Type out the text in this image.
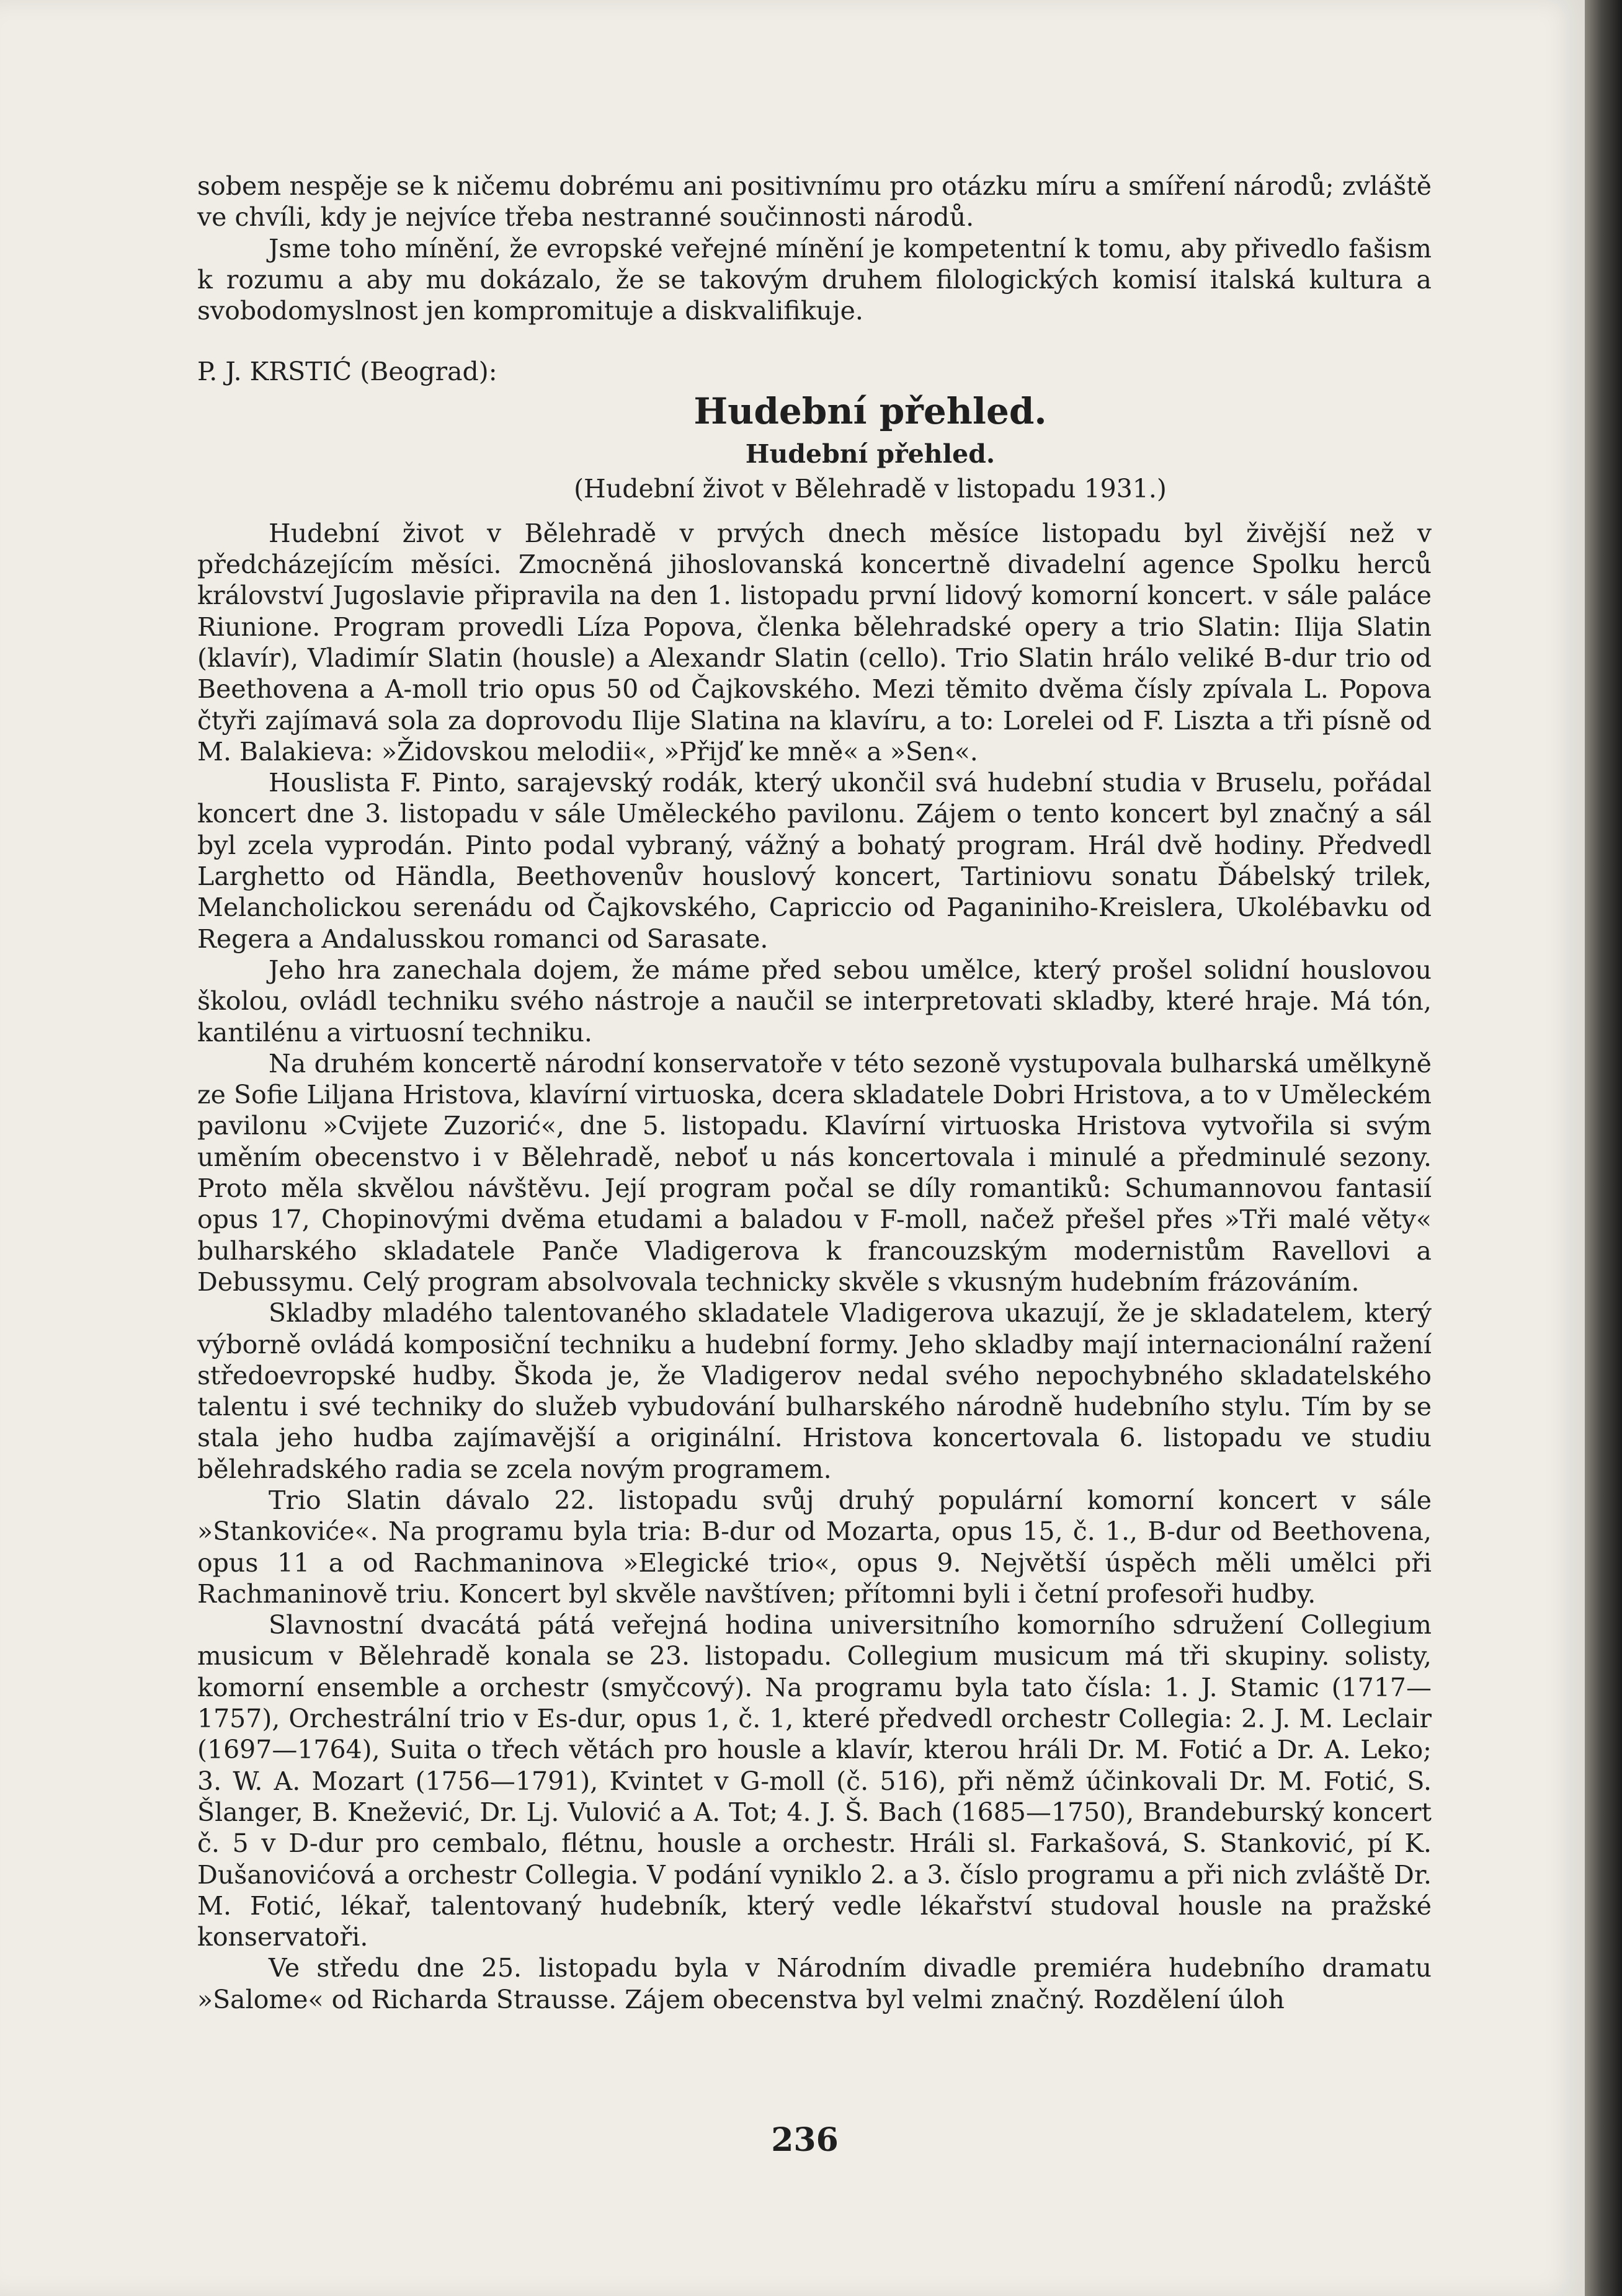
sobem nespěje se k ničemu dobrému ani positivnímu pro otázku míru a smíření národů; zvláště ve chvíli, kdy je nejvíce třeba nestranné součinnosti národů.

Jsme toho mínění, že evropské veřejné mínění je kompetentní k tomu, aby přivedlo fašism k rozumu a aby mu dokázalo, že se takovým druhem filologických komisí italská kultura a svobodomyslnost jen kompromituje a diskvalifikuje.

P. J. KRSTIĆ (Beograd):

Hudební přehled.
Hudební přehled.
(Hudební život v Bělehradě v listopadu 1931.)

Hudební život v Bělehradě v prvých dnech měsíce listopadu byl živější než v předcházejícím měsíci. Zmocněná jihoslovanská koncertně divadelní agence Spolku herců království Jugoslavie připravila na den 1. listopadu první lidový komorní koncert. v sále paláce Riunione. Program provedli Líza Popova, členka bělehradské opery a trio Slatin: Ilija Slatin (klavír), Vladimír Slatin (housle) a Alexandr Slatin (cello). Trio Slatin hrálo veliké B-dur trio od Beethovena a A-moll trio opus 50 od Čajkovského. Mezi těmito dvěma čísly zpívala L. Popova čtyři zajímavá sola za doprovodu Ilije Slatina na klavíru, a to: Lorelei od F. Liszta a tři písně od M. Balakieva: »Židovskou melodii«, »Přijď ke mně« a »Sen«.

Houslista F. Pinto, sarajevský rodák, který ukončil svá hudební studia v Bruselu, pořádal koncert dne 3. listopadu v sále Uměleckého pavilonu. Zájem o tento koncert byl značný a sál byl zcela vyprodán. Pinto podal vybraný, vážný a bohatý program. Hrál dvě hodiny. Předvedl Larghetto od Händla, Beethovenův houslový koncert, Tartiniovu sonatu Ďábelský trilek, Melancholickou serenádu od Čajkovského, Capriccio od Paganiniho-Kreislera, Ukolébavku od Regera a Andalusskou romanci od Sarasate.

Jeho hra zanechala dojem, že máme před sebou umělce, který prošel solidní houslovou školou, ovládl techniku svého nástroje a naučil se interpretovati skladby, které hraje. Má tón, kantilénu a virtuosní techniku.

Na druhém koncertě národní konservatoře v této sezoně vystupovala bulharská umělkyně ze Sofie Liljana Hristova, klavírní virtuoska, dcera skladatele Dobri Hristova, a to v Uměleckém pavilonu »Cvijete Zuzorić«, dne 5. listopadu. Klavírní virtuoska Hristova vytvořila si svým uměním obecenstvo i v Bělehradě, neboť u nás koncertovala i minulé a předminulé sezony. Proto měla skvělou návštěvu. Její program počal se díly romantiků: Schumannovou fantasií opus 17, Chopinovými dvěma etudami a baladou v F-moll, načež přešel přes »Tři malé věty« bulharského skladatele Panče Vladigerova k francouzským modernistům Ravellovi a Debussymu. Celý program absolvovala technicky skvěle s vkusným hudebním frázováním.

Skladby mladého talentovaného skladatele Vladigerova ukazují, že je skladatelem, který výborně ovládá komposiční techniku a hudební formy. Jeho skladby mají internacionální ražení středoevropské hudby. Škoda je, že Vladigerov nedal svého nepochybného skladatelského talentu i své techniky do služeb vybudování bulharského národně hudebního stylu. Tím by se stala jeho hudba zajímavější a originální. Hristova koncertovala 6. listopadu ve studiu bělehradského radia se zcela novým programem.

Trio Slatin dávalo 22. listopadu svůj druhý populární komorní koncert v sále »Stankoviće«. Na programu byla tria: B-dur od Mozarta, opus 15, č. 1., B-dur od Beethovena, opus 11 a od Rachmaninova »Elegické trio«, opus 9. Největší úspěch měli umělci při Rachmaninově triu. Koncert byl skvěle navštíven; přítomni byli i četní profesoři hudby.

Slavnostní dvacátá pátá veřejná hodina universitního komorního sdružení Collegium musicum v Bělehradě konala se 23. listopadu. Collegium musicum má tři skupiny. solisty, komorní ensemble a orchestr (smyčcový). Na programu byla tato čísla: 1. J. Stamic (1717—1757), Orchestrální trio v Es-dur, opus 1, č. 1, které předvedl orchestr Collegia: 2. J. M. Leclair (1697—1764), Suita o třech větách pro housle a klavír, kterou hráli Dr. M. Fotić a Dr. A. Leko; 3. W. A. Mozart (1756—1791), Kvintet v G-moll (č. 516), při němž účinkovali Dr. M. Fotić, S. Šlanger, B. Knežević, Dr. Lj. Vulović a A. Tot; 4. J. Š. Bach (1685—1750), Brandeburský koncert č. 5 v D-dur pro cembalo, flétnu, housle a orchestr. Hráli sl. Farkašová, S. Stanković, pí K. Dušanovićová a orchestr Collegia. V podání vyniklo 2. a 3. číslo programu a při nich zvláště Dr. M. Fotić, lékař, talentovaný hudebník, který vedle lékařství studoval housle na pražské konservatoři.

Ve středu dne 25. listopadu byla v Národním divadle premiéra hudebního dramatu »Salome« od Richarda Strausse. Zájem obecenstva byl velmi značný. Rozdělení úloh

236
